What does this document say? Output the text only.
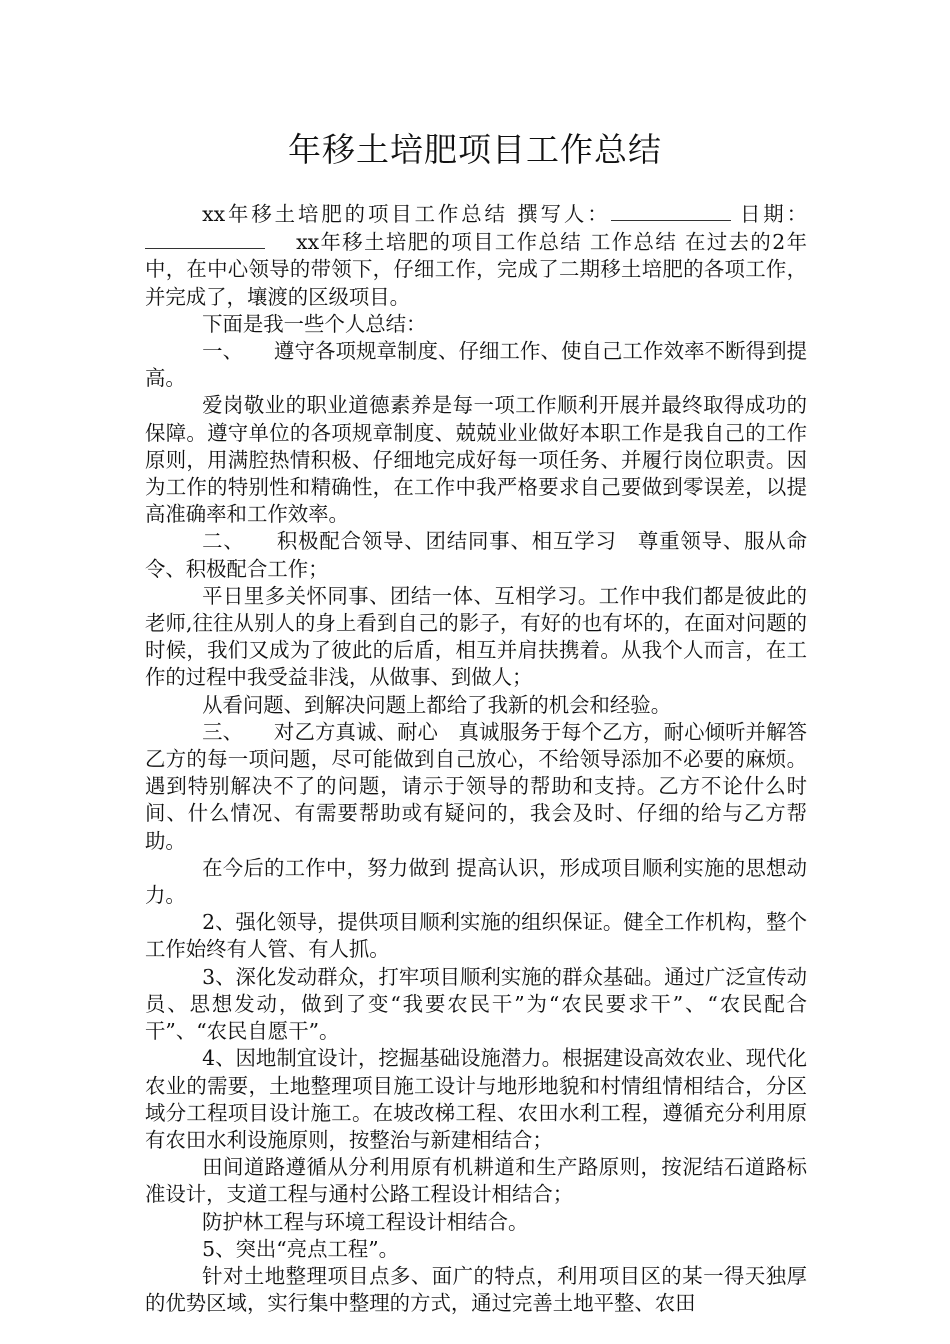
年移土培肥项目工作总结

xx年移土培肥的项目工作总结 撰写人：	日期：　 xx年移土培肥的项目工作总结 工作总结 在过去的2年中，在中心领导的带领下，仔细工作，完成了二期移土培肥的各项工作，并完成了，壤渡的区级项目。

下面是我一些个人总结：

一、　　遵守各项规章制度、仔细工作、使自己工作效率不断得到提高。

爱岗敬业的职业道德素养是每一项工作顺利开展并最终取得成功的保障。遵守单位的各项规章制度、兢兢业业做好本职工作是我自己的工作原则，用满腔热情积极、仔细地完成好每一项任务、并履行岗位职责。因为工作的特别性和精确性，在工作中我严格要求自己要做到零误差，以提高准确率和工作效率。

二、　　积极配合领导、团结同事、相互学习　尊重领导、服从命令、积极配合工作；

平日里多关怀同事、团结一体、互相学习。工作中我们都是彼此的老师,往往从别人的身上看到自己的影子，有好的也有坏的，在面对问题的时候，我们又成为了彼此的后盾，相互并肩扶携着。从我个人而言，在工作的过程中我受益非浅，从做事、到做人；

从看问题、到解决问题上都给了我新的机会和经验。

三、　　对乙方真诚、耐心　真诚服务于每个乙方，耐心倾听并解答乙方的每一项问题，尽可能做到自己放心，不给领导添加不必要的麻烦。遇到特别解决不了的问题，请示于领导的帮助和支持。乙方不论什么时间、什么情况、有需要帮助或有疑问的，我会及时、仔细的给与乙方帮助。

在今后的工作中，努力做到 提高认识，形成项目顺利实施的思想动力。

2、强化领导，提供项目顺利实施的组织保证。健全工作机构，整个工作始终有人管、有人抓。

3、深化发动群众，打牢项目顺利实施的群众基础。通过广泛宣传动员、思想发动，做到了变“我要农民干”为“农民要求干”、“农民配合干”、“农民自愿干”。

4、因地制宜设计，挖掘基础设施潜力。根据建设高效农业、现代化农业的需要，土地整理项目施工设计与地形地貌和村情组情相结合，分区域分工程项目设计施工。在坡改梯工程、农田水利工程，遵循充分利用原有农田水利设施原则，按整治与新建相结合；

田间道路遵循从分利用原有机耕道和生产路原则，按泥结石道路标准设计，支道工程与通村公路工程设计相结合；

防护林工程与环境工程设计相结合。

5、突出“亮点工程”。

针对土地整理项目点多、面广的特点，利用项目区的某一得天独厚的优势区域，实行集中整理的方式，通过完善土地平整、农田
